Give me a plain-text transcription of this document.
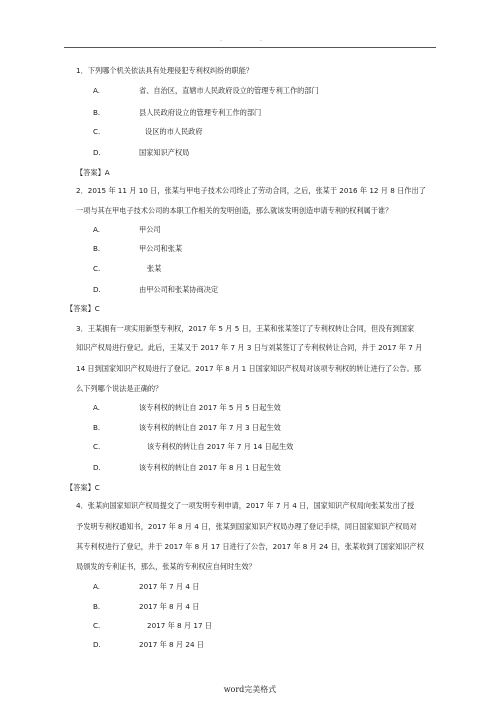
. .
1．下列哪个机关依法具有处理侵犯专利权纠纷的职能？
A.	省、自治区，直辖市人民政府设立的管理专利工作的部门
B.	县人民政府设立的管理专利工作的部门
C.	设区的市人民政府
D.	国家知识产权局
【答案】A
2．2015 年 11 月 10 日，张某与甲电子技术公司终止了劳动合同，之后，张某于 2016 年 12 月 8 日作出了
一项与其在甲电子技术公司的本职工作相关的发明创造，那么就该发明创造申请专利的权利属于谁？
A.	甲公司
B.	甲公司和张某
C.	张某
D.	由甲公司和张某协商决定
【答案】C
3．王某拥有一项实用新型专利权，2017 年 5 月 5 日，王某和张某签订了专利权转让合同，但没有到国家
知识产权局进行登记。此后，王某又于 2017 年 7 月 3 日与刘某签订了专利权转让合同，并于 2017 年 7 月
14 日到国家知识产权局进行了登记。2017 年 8 月 1 日国家知识产权局对该项专利权的转让进行了公告。那
么下列哪个说法是正确的？
A.	该专利权的转让自 2017 年 5 月 5 日起生效
B.	该专利权的转让自 2017 年 7 月 3 日起生效
C.	该专利权的转让自 2017 年 7 月 14 日起生效
D.	该专利权的转让自 2017 年 8 月 1 日起生效
【答案】C
4．张某向国家知识产权局提交了一项发明专利申请，2017 年 7 月 4 日，国家知识产权局向张某发出了授
予发明专利权通知书，2017 年 8 月 4 日，张某到国家知识产权局办理了登记手续，同日国家知识产权局对
其专利权进行了登记，并于 2017 年 8 月 17 日进行了公告，2017 年 8 月 24 日，张某收到了国家知识产权
局颁发的专利证书，那么，张某的专利权应自何时生效？
A.	2017 年 7 月 4 日
B.	2017 年 8 月 4 日
C.	2017 年 8 月 17 日
D.	2017 年 8 月 24 日
word完美格式
